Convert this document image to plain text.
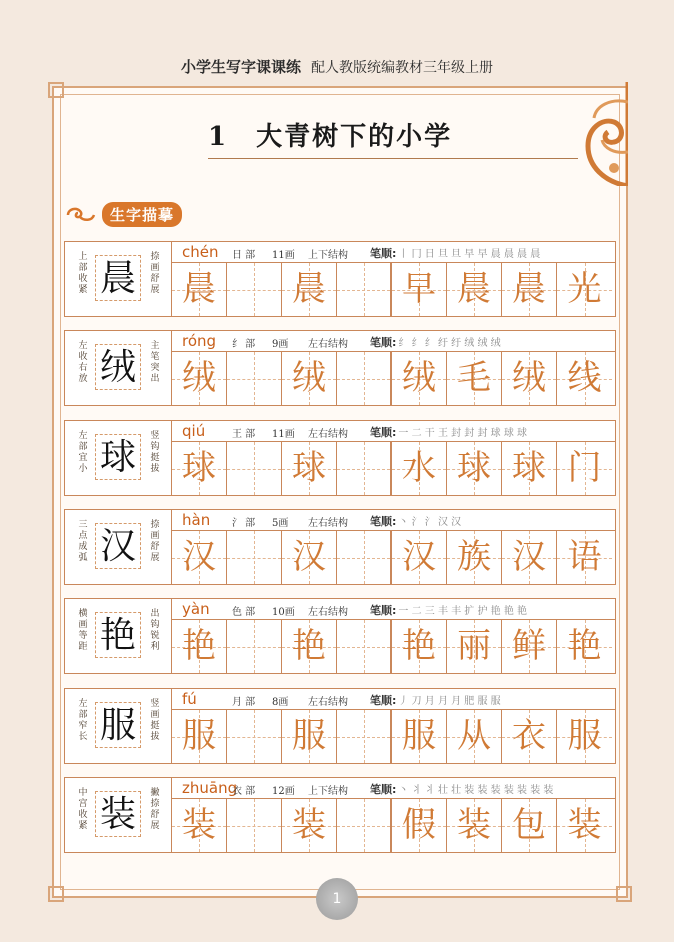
小学生写字课课练 配人教版统编教材三年级上册
1　大青树下的小学
生字描摹
上部收紧 晨
捺画舒展
chén 日 部 11画 上下结构 笔顺: 丨 冂 日 旦 旦 早 早 晨 晨 晨 晨
晨 晨 早 晨 晨 光
左收右放 绒
主笔突出
róng 纟 部 9画 左右结构 笔顺: 纟 纟 纟 纡 纡 绒 绒 绒
绒 绒 绒 毛 绒 线
左部宜小 球
竖钩挺拔
qiú	王 部 11画 左右结构 笔顺: 一 二 干 王 封 封 封 球 球 球
球 球 水 球 球 门
三点成弧 汉
捺画舒展
hàn 氵 部 5画 左右结构 笔顺: 丶 氵 氵 汉 汉
汉 汉 汉 族 汉 语
横画等距 艳
出钩锐利
yàn 色 部 10画 左右结构 笔顺: 一 二 三 丰 丰 扩 护 艳 艳 艳
艳 艳 艳 丽 鲜 艳
左部窄长 服
竖画挺拔
fú	月 部 8画 左右结构 笔顺: 丿 刀 月 月 月 肥 服 服
服 服 服 从 衣 服
中宫收紧 装
撇捺舒展
zhuāng
衣 部 12画 上下结构 笔顺: 丶 丬 丬 壮 壮 装 装 装 装 装 装 装
装 装 假 装 包 装
1
